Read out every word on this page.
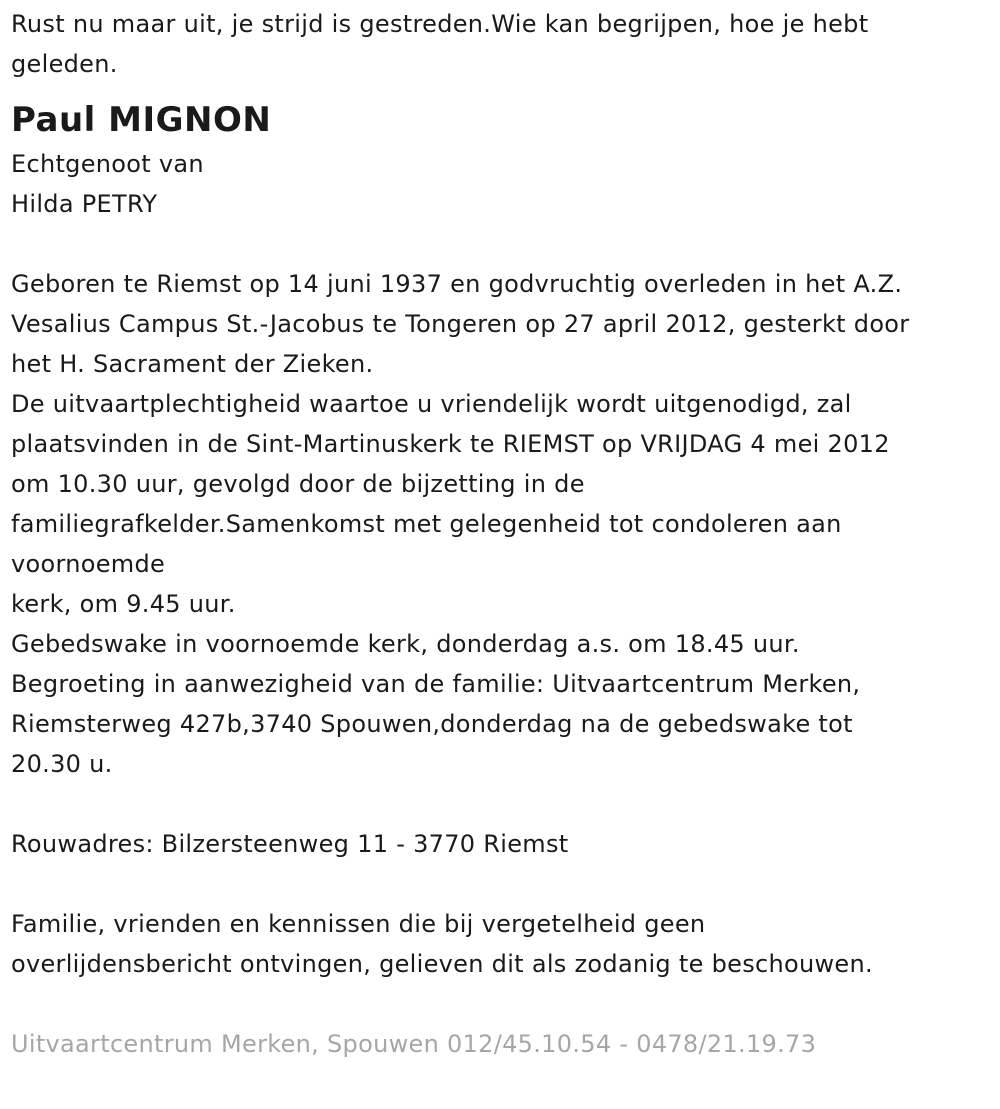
Rust nu maar uit, je strijd is gestreden.Wie kan begrijpen, hoe je hebt
geleden.
Paul MIGNON
Echtgenoot van
Hilda PETRY
Geboren te Riemst op 14 juni 1937 en godvruchtig overleden in het A.Z.
Vesalius Campus St.-Jacobus te Tongeren op 27 april 2012, gesterkt door
het H. Sacrament der Zieken.
De uitvaartplechtigheid waartoe u vriendelijk wordt uitgenodigd, zal
plaatsvinden in de Sint-Martinuskerk te RIEMST op VRIJDAG 4 mei 2012
om 10.30 uur, gevolgd door de bijzetting in de
familiegrafkelder.Samenkomst met gelegenheid tot condoleren aan
voornoemde
kerk, om 9.45 uur.
Gebedswake in voornoemde kerk, donderdag a.s. om 18.45 uur.
Begroeting in aanwezigheid van de familie: Uitvaartcentrum Merken,
Riemsterweg 427b,3740 Spouwen,donderdag na de gebedswake tot
20.30 u.
Rouwadres: Bilzersteenweg 11 - 3770 Riemst
Familie, vrienden en kennissen die bij vergetelheid geen
overlijdensbericht ontvingen, gelieven dit als zodanig te beschouwen.
Uitvaartcentrum Merken, Spouwen 012/45.10.54 - 0478/21.19.73
